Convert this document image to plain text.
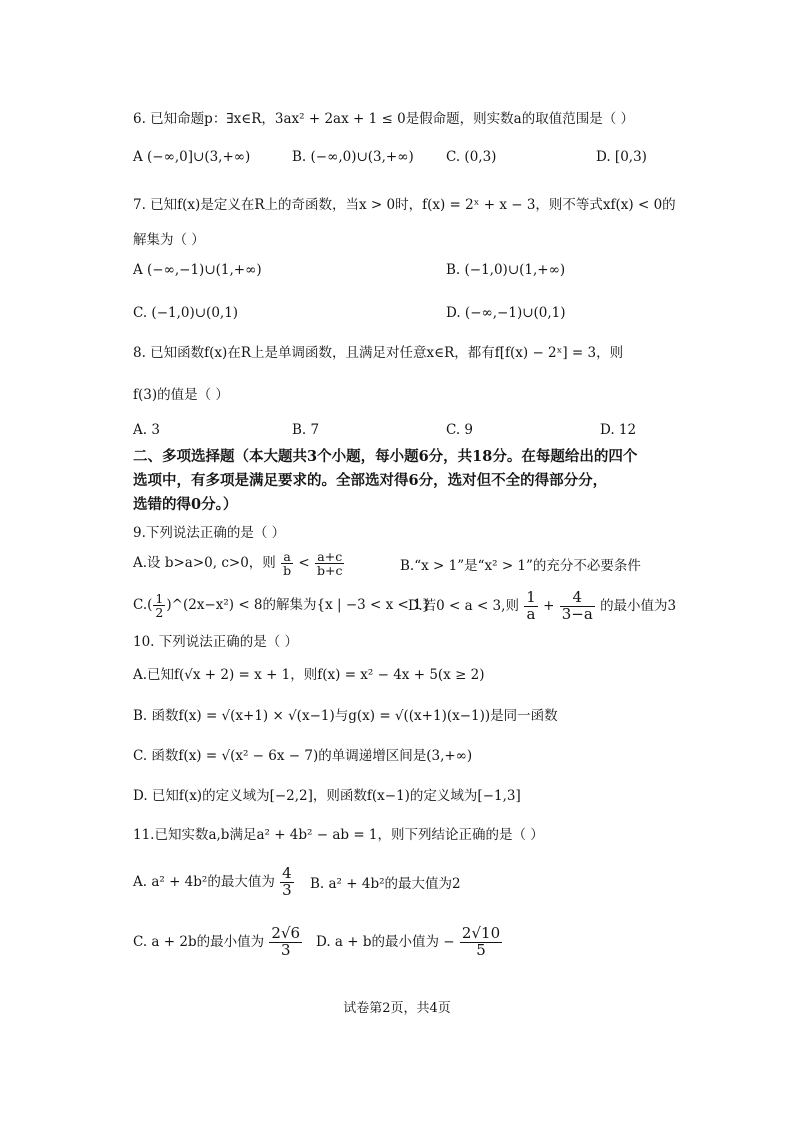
6. 已知命题p：∃x∈R，3ax² + 2ax + 1 ≤ 0是假命题，则实数a的取值范围是（ ）
A (−∞,0]∪(3,+∞)	B. (−∞,0)∪(3,+∞) C. (0,3)	D. [0,3)
7. 已知f(x)是定义在R上的奇函数，当x > 0时，f(x) = 2ˣ + x − 3，则不等式xf(x) < 0的
解集为（ ）
A (−∞,−1)∪(1,+∞)	B. (−1,0)∪(1,+∞)
C. (−1,0)∪(0,1)	D. (−∞,−1)∪(0,1)
8. 已知函数f(x)在R上是单调函数，且满足对任意x∈R，都有f[f(x) − 2ˣ] = 3，则
f(3)的值是（ ）
A. 3	B. 7	C. 9	D. 12
二、多项选择题（本大题共3个小题，每小题6分，共18分。在每题给出的四个
选项中，有多项是满足要求的。全部选对得6分，选对但不全的得部分分，
选错的得0分。）
9.下列说法正确的是（ ）
A.设 b>a>0, c>0，则 $\frac{a}{b} < \frac{a+c}{b+c}$	B.“x > 1”是“x² > 1”的充分不必要条件
$C.( \frac{1}{2}$ )^(2x−x²) < 8的解集为{x | −3 < x < 1}
D.若0 < a < 3,则 $\frac{1}{a} + \frac{4}{3-a}$ 的最小值为3
10. 下列说法正确的是（ ）
A.已知f(√x + 2) = x + 1，则f(x) = x² − 4x + 5(x ≥ 2)
B. 函数f(x) = √(x+1) × √(x−1)与g(x) = √((x+1)(x−1))是同一函数
C. 函数f(x) = √(x² − 6x − 7)的单调递增区间是(3,+∞)
D. 已知f(x)的定义域为[−2,2]，则函数f(x−1)的定义域为[−1,3]
11.已知实数a,b满足a² + 4b² − ab = 1，则下列结论正确的是（ ）
A. a² + 4b²的最大值为 $\frac{4}{3} B$. a² + 4b²的最大值为2
C. a + 2b的最小值为 $\frac{2√6}{3} D$. a + b的最小值为 − $\frac{2√10}{5}$
试卷第2页，共4页
